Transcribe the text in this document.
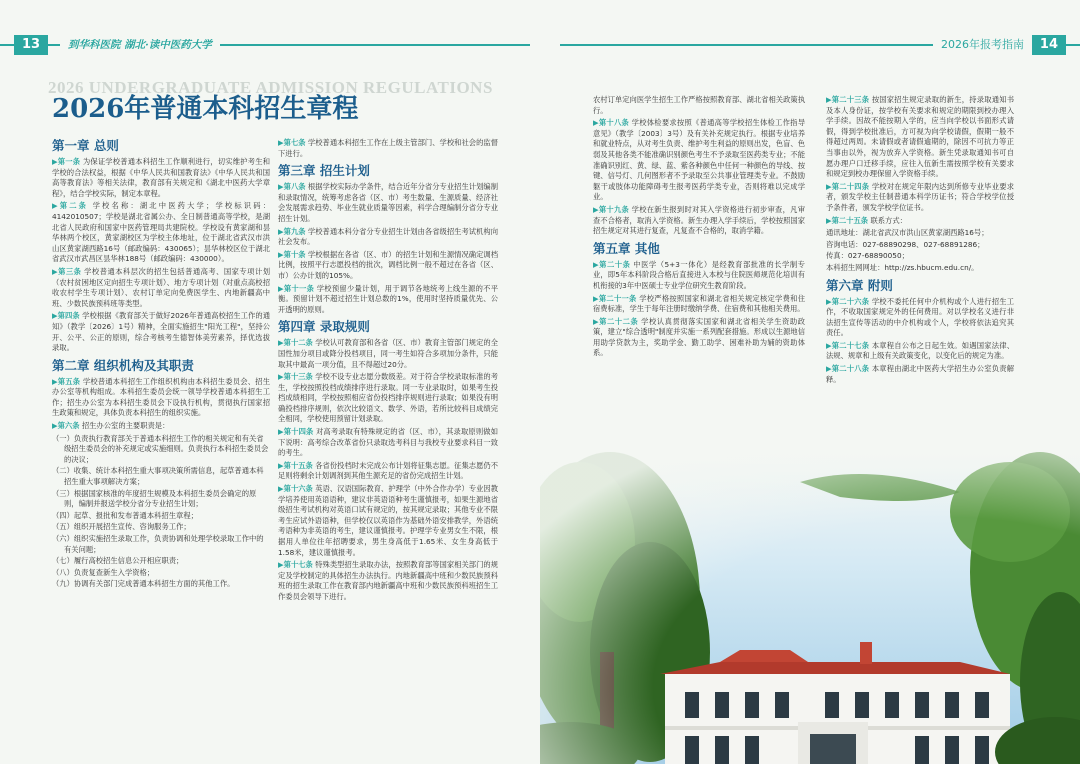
13	到华科医院 湖北·读中医药大学	2026年报考指南	14
2026 UNDERGRADUATE ADMISSION REGULATIONS
2026年普通本科招生章程
第一章 总则

▶第一条 为保证学校普通本科招生工作顺利进行，切实维护考生和学校的合法权益，根据《中华人民共和国教育法》《中华人民共和国高等教育法》等相关法律，教育部有关规定和《湖北中医药大学章程》，结合学校实际，制定本章程。

▶第二条 学校名称：湖北中医药大学；学校标识码：4142010507；学校是湖北省属公办、全日制普通高等学校，是湖北省人民政府和国家中医药管理局共建院校。学校设有黄家湖和昙华林两个校区，黄家湖校区为学校主体地址，位于湖北省武汉市洪山区黄家湖西路16号（邮政编码：430065）；昙华林校区位于湖北省武汉市武昌区昙华林188号（邮政编码：430000）。

▶第三条 学校普通本科层次的招生包括普通高考、国家专项计划（农村贫困地区定向招生专项计划）、地方专项计划（对重点高校招收农村学生专项计划）、农村订单定向免费医学生、内地新疆高中班、少数民族预科班等类型。

▶第四条 学校根据《教育部关于做好2026年普通高校招生工作的通知》（教学〔2026〕1号）精神，全面实施招生"阳光工程"，坚持公开、公平、公正的原则，综合考核考生德智体美劳素养，择优选拔录取。

第二章 组织机构及其职责

▶第五条 学校普通本科招生工作组织机构由本科招生委员会、招生办公室等机构组成。本科招生委员会统一领导学校普通本科招生工作；招生办公室为本科招生委员会下设执行机构，贯彻执行国家招生政策和规定，具体负责本科招生的组织实施。

▶第六条 招生办公室的主要职责是：

（一）负责执行教育部关于普通本科招生工作的相关规定和有关省级招生委员会的补充规定或实施细则。负责执行本科招生委员会的决议；

（二）收集、统计本科招生重大事项决策所需信息，起草普通本科招生重大事项解决方案；

（三）根据国家核准的年度招生规模及本科招生委员会确定的原则，编制并报送学校分省分专业招生计划；

（四）起草、报批和发布普通本科招生章程；

（五）组织开展招生宣传、咨询服务工作；

（六）组织实施招生录取工作，负责协调和处理学校录取工作中的有关问题；

（七）履行高校招生信息公开相应职责；

（八）负责复查新生入学资格；

（九）协调有关部门完成普通本科招生方面的其他工作。

▶第七条 学校普通本科招生工作在上级主管部门、学校和社会的监督下进行。

第三章 招生计划

▶第八条 根据学校实际办学条件，结合近年分省分专业招生计划编制和录取情况，统筹考虑各省（区、市）考生数量、生源质量、经济社会发展需求趋势、毕业生就业质量等因素，科学合理编制分省分专业招生计划。

▶第九条 学校普通本科分省分专业招生计划由各省级招生考试机构向社会发布。

▶第十条 学校根据在各省（区、市）的招生计划和生源情况确定调档比例，按照平行志愿投档的批次，调档比例一般不超过在各省（区、市）公办计划的105%。

▶第十一条 学校预留少量计划，用于调节各地统考上线生源的不平衡。预留计划不超过招生计划总数的1%，使用时坚持质量优先、公开透明的原则。

第四章 录取规则

▶第十二条 学校认可教育部和各省（区、市）教育主管部门规定的全国性加分项目或降分投档项目，同一考生如符合多项加分条件，只能取其中最高一项分值，且不得超过20分。

▶第十三条 学校不设专业志愿分数级差。对于符合学校录取标准的考生，学校按照投档成绩排序进行录取。同一专业录取时，如果考生投档成绩相同，学校按照相应省份投档排序规则进行录取；如果没有明确投档排序规则，依次比较语文、数学、外语，若所比较科目成绩完全相同，学校使用预留计划录取。

▶第十四条 对高考录取有特殊规定的省（区、市），其录取原则做如下说明：高考综合改革省份只录取选考科目与我校专业要求科目一致的考生。

▶第十五条 各省份投档时未完成公布计划将征集志愿。征集志愿仍不足则将剩余计划调剂到其他生源充足的省份完成招生计划。

▶第十六条 英语、汉语国际教育、护理学（中外合作办学）专业因教学培养使用英语语种，建议非英语语种考生谨慎报考，如果生源地省级招生考试机构对英语口试有规定的，按其规定录取；其他专业不限考生应试外语语种，但学校仅以英语作为基础外语安排教学，外语统考语种为非英语的考生，建议谨慎报考。护理学专业男女生不限，根据用人单位往年招聘要求，男生身高低于1.65米、女生身高低于1.58米，建议谨慎报考。

▶第十七条 特殊类型招生录取办法，按照教育部等国家相关部门的规定及学校制定的具体招生办法执行。内地新疆高中班和少数民族预科班的招生录取工作在教育部内地新疆高中班和少数民族预科班招生工作委员会领导下进行。

农村订单定向医学生招生工作严格按照教育部、湖北省相关政策执行。

▶第十八条 学校体检要求按照《普通高等学校招生体检工作指导意见》（教学〔2003〕3号）及有关补充规定执行。根据专业培养和就业特点，从对考生负责、维护考生利益的原则出发，色盲、色弱及其他各类不能准确识别颜色考生不予录取至医药类专业；不能准确识别红、黄、绿、蓝、紫各种颜色中任何一种颜色的导线、按键、信号灯、几何图形者不予录取至公共事业管理类专业。不鼓励躯干或肢体功能障碍考生报考医药学类专业，否则将难以完成学业。

▶第十九条 学校在新生报到时对其入学资格进行初步审查，凡审查不合格者，取消入学资格。新生办理入学手续后，学校按照国家招生规定对其进行复查，凡复查不合格的，取消学籍。

第五章 其他

▶第二十条 中医学（5+3一体化）是经教育部批准的长学制专业，即5年本科阶段合格后直接进入本校与住院医师规范化培训有机衔接的3年中医硕士专业学位研究生教育阶段。

▶第二十一条 学校严格按照国家和湖北省相关规定核定学费和住宿费标准，学生于每年注册时缴纳学费、住宿费和其他相关费用。

▶第二十二条 学校认真贯彻落实国家和湖北省相关学生资助政策，建立"综合透明"制度并实施一系列配套措施。形成以生源地信用助学贷款为主，奖助学金、勤工助学、困难补助为辅的资助体系。

▶第二十三条 按国家招生规定录取的新生，持录取通知书及本人身份证，按学校有关要求和规定的期限到校办理入学手续。因故不能按期入学的，应当向学校以书面形式请假，得到学校批准后，方可视为向学校请假，假期一般不得超过两周。未请假或者请假逾期的，除因不可抗力等正当事由以外，视为放弃入学资格。新生凭录取通知书可自愿办理户口迁移手续，应往入伍新生需按照学校有关要求和规定到校办理保留入学资格手续。

▶第二十四条 学校对在规定年限内达到所修专业毕业要求者，颁发学校主任制普通本科学历证书；符合学校学位授予条件者，颁发学校学位证书。

▶第二十五条 联系方式：

通讯地址：湖北省武汉市洪山区黄家湖西路16号；

咨询电话：027-68890298、027-68891286；

传真：027-68890050；

本科招生网网址：http://zs.hbucm.edu.cn/。

第六章 附则

▶第二十六条 学校不委托任何中介机构或个人进行招生工作，不收取国家规定外的任何费用。对以学校名义进行非法招生宣传等活动的中介机构或个人，学校将依法追究其责任。

▶第二十七条 本章程自公布之日起生效。如遇国家法律、法规、规章和上级有关政策变化，以变化后的规定为准。

▶第二十八条 本章程由湖北中医药大学招生办公室负责解释。
